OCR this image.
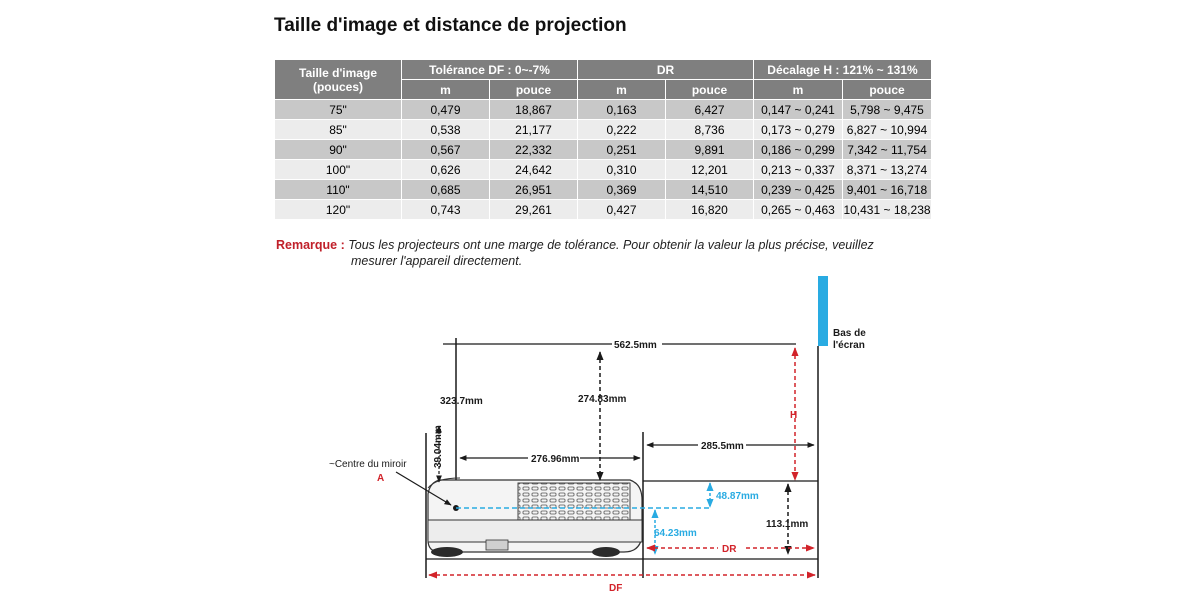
Taille d'image et distance de projection
Taille d'image (pouces)	Tolérance DF : 0~-7%		DR		Décalage H : 121% ~ 131%	
	m	pouce	m	pouce	m	pouce
75"	0,479	18,867	0,163	6,427	0,147 ~ 0,241	5,798 ~ 9,475
85"	0,538	21,177	0,222	8,736	0,173 ~ 0,279	6,827 ~ 10,994
90"	0,567	22,332	0,251	9,891	0,186 ~ 0,299	7,342 ~ 11,754
100"	0,626	24,642	0,310	12,201	0,213 ~ 0,337	8,371 ~ 13,274
110"	0,685	26,951	0,369	14,510	0,239 ~ 0,425	9,401 ~ 16,718
120"	0,743	29,261	0,427	16,820	0,265 ~ 0,463	10,431 ~ 18,238
Remarque : Tous les projecteurs ont une marge de tolérance. Pour obtenir la valeur la plus précise, veuillez
mesurer l'appareil directement.
Bas de
l'écran
~Centre du miroir
A
562.5mm
323.7mm	274.83mm
39.04mm	276.96mm
285.5mm
H
48.87mm
64.23mm
113.1mm
DR
DF
